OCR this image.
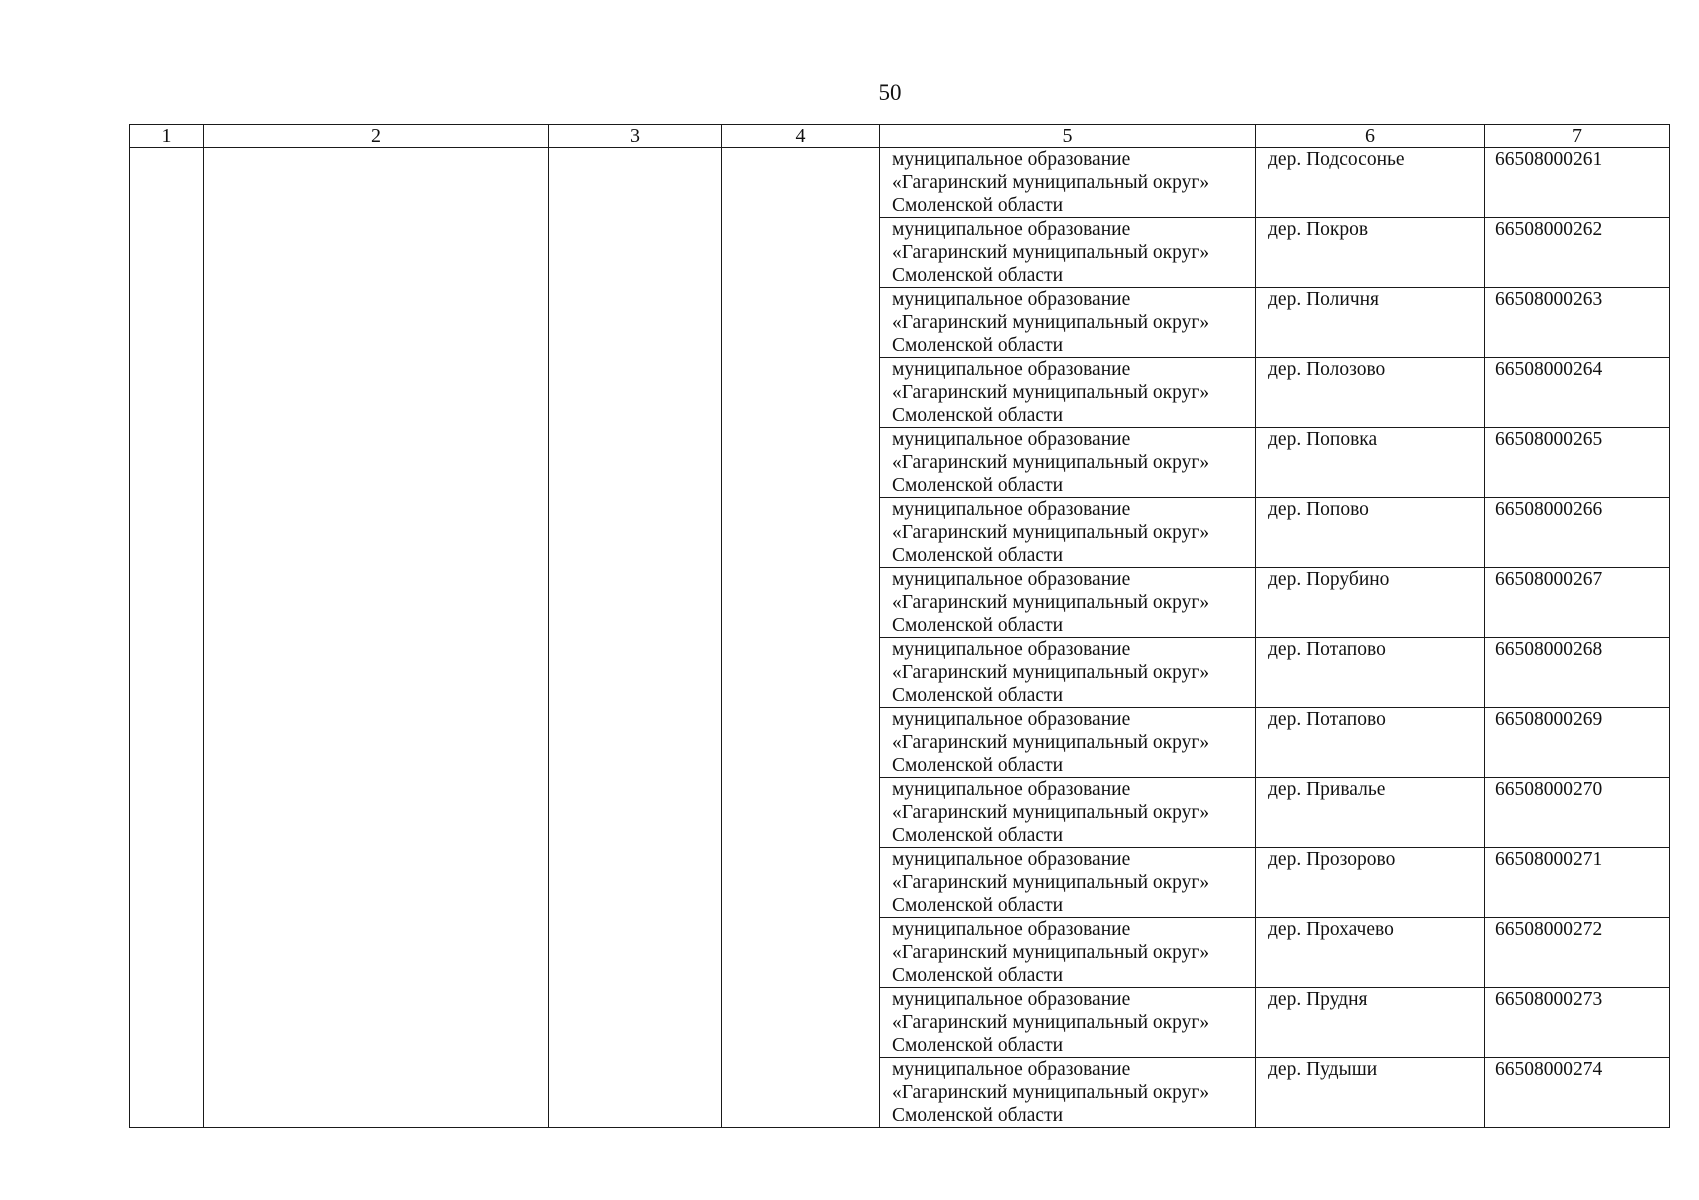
50
1	2	3	4	5	6	7

				муниципальное образование
«Гагаринский муниципальный округ»
Смоленской области	дер. Подсосонье	66508000261

				муниципальное образование
«Гагаринский муниципальный округ»
Смоленской области	дер. Покров	66508000262

				муниципальное образование
«Гагаринский муниципальный округ»
Смоленской области	дер. Поличня	66508000263

				муниципальное образование
«Гагаринский муниципальный округ»
Смоленской области	дер. Полозово	66508000264

				муниципальное образование
«Гагаринский муниципальный округ»
Смоленской области	дер. Поповка	66508000265

				муниципальное образование
«Гагаринский муниципальный округ»
Смоленской области	дер. Попово	66508000266

				муниципальное образование
«Гагаринский муниципальный округ»
Смоленской области	дер. Порубино	66508000267

				муниципальное образование
«Гагаринский муниципальный округ»
Смоленской области	дер. Потапово	66508000268

				муниципальное образование
«Гагаринский муниципальный округ»
Смоленской области	дер. Потапово	66508000269

				муниципальное образование
«Гагаринский муниципальный округ»
Смоленской области	дер. Привалье	66508000270

				муниципальное образование
«Гагаринский муниципальный округ»
Смоленской области	дер. Прозорово	66508000271

				муниципальное образование
«Гагаринский муниципальный округ»
Смоленской области	дер. Прохачево	66508000272

				муниципальное образование
«Гагаринский муниципальный округ»
Смоленской области	дер. Прудня	66508000273

				муниципальное образование
«Гагаринский муниципальный округ»
Смоленской области	дер. Пудыши	66508000274
